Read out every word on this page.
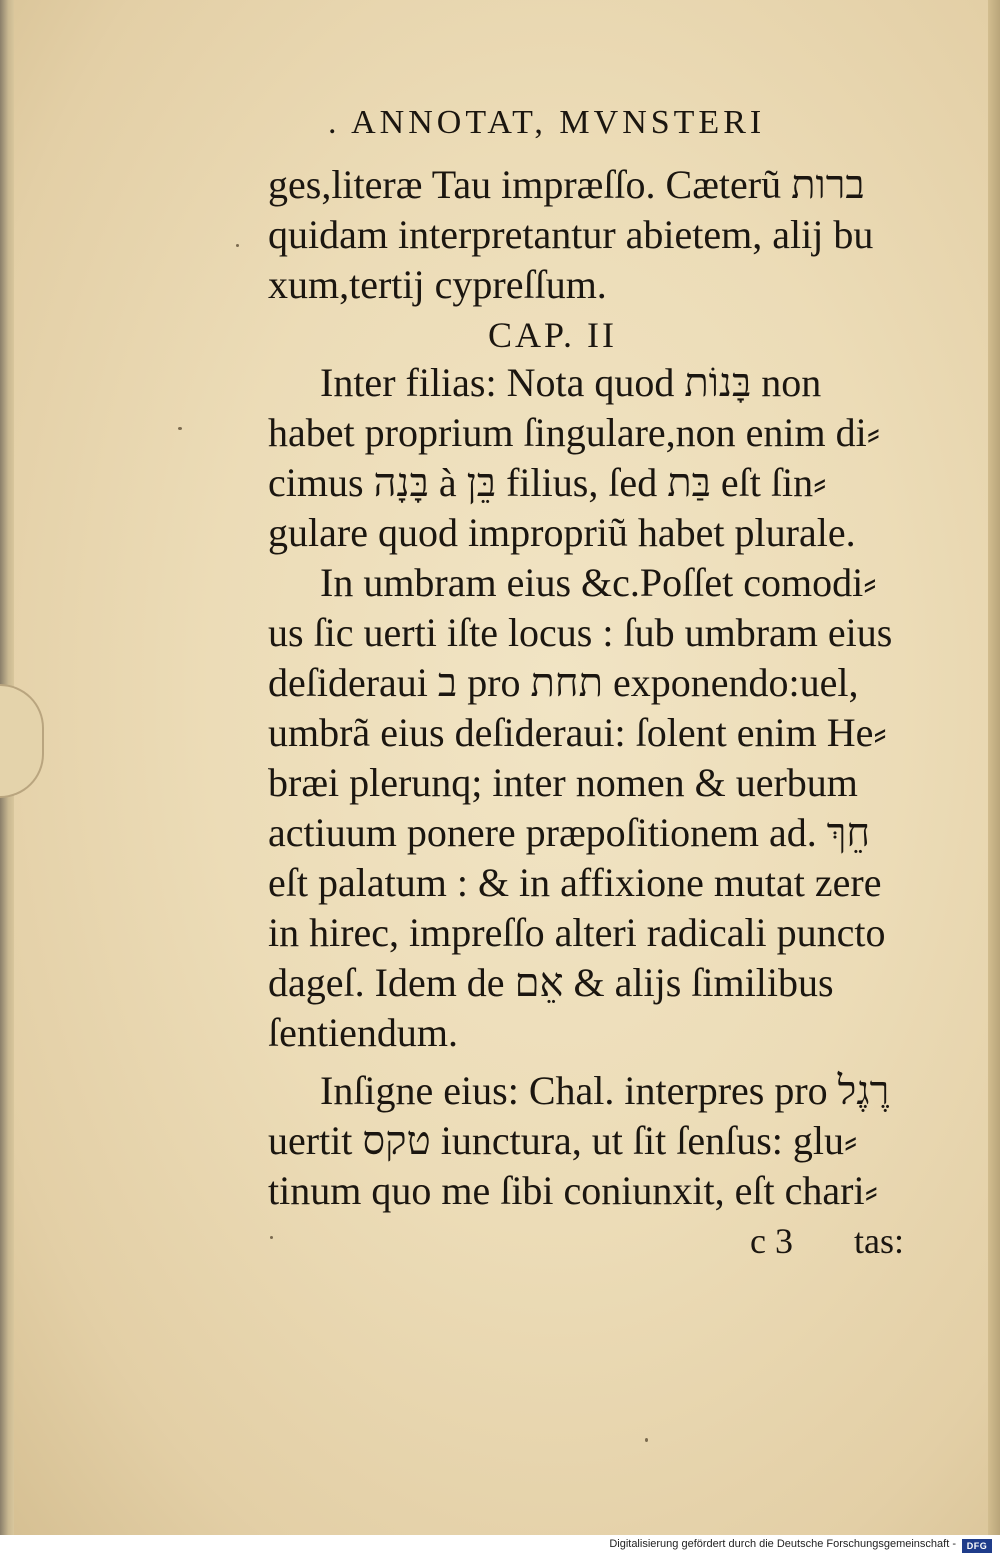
. ANNOTAT, MVNSTERI
ges,literæ Tau impræſſo. Cæterũ ברות
quidam interpretantur abietem, alij bu
xum,tertij cypreſſum.
CAP. II
Inter filias: Nota quod בָּנוֹת non
habet proprium ſingulare,non enim di⸗
cimus בָּנָה à בֵּן filius, ſed בַּת eſt ſin⸗
gulare quod impropriũ habet plurale.
In umbram eius &c.Poſſet comodi⸗
us ſic uerti iſte locus : ſub umbram eius
deſideraui ב pro תחת exponendo:uel,
umbrã eius deſideraui: ſolent enim He⸗
bræi plerunq; inter nomen & uerbum
actiuum ponere præpoſitionem ad. חֵךְ
eſt palatum : & in affixione mutat zere
in hirec, impreſſo alteri radicali puncto
dageſ. Idem de אֵם & alijs ſimilibus
ſentiendum.
Inſigne eius: Chal. interpres pro רֶגֶל
uertit טקס iunctura, ut ſit ſenſus: glu⸗
tinum quo me ſibi coniunxit, eſt chari⸗
c 3 tas:
Digitalisierung gefördert durch die Deutsche Forschungsgemeinschaft -	DFG
